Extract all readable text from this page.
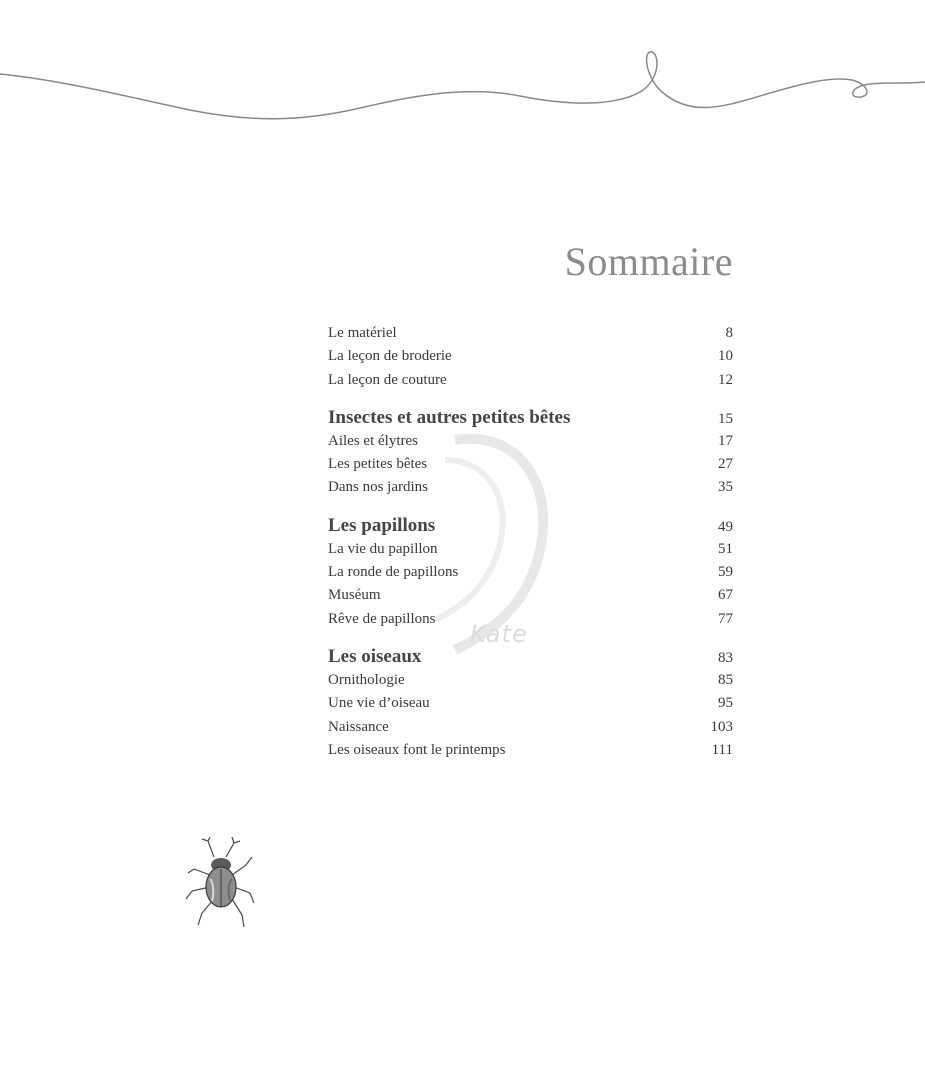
Kate
Sommaire
Le matériel	8
La leçon de broderie	10
La leçon de couture	12
Insectes et autres petites bêtes	15
Ailes et élytres	17
Les petites bêtes	27
Dans nos jardins	35
Les papillons	49
La vie du papillon	51
La ronde de papillons	59
Muséum	67
Rêve de papillons	77
Les oiseaux	83
Ornithologie	85
Une vie d’oiseau	95
Naissance	103
Les oiseaux font le printemps	111
